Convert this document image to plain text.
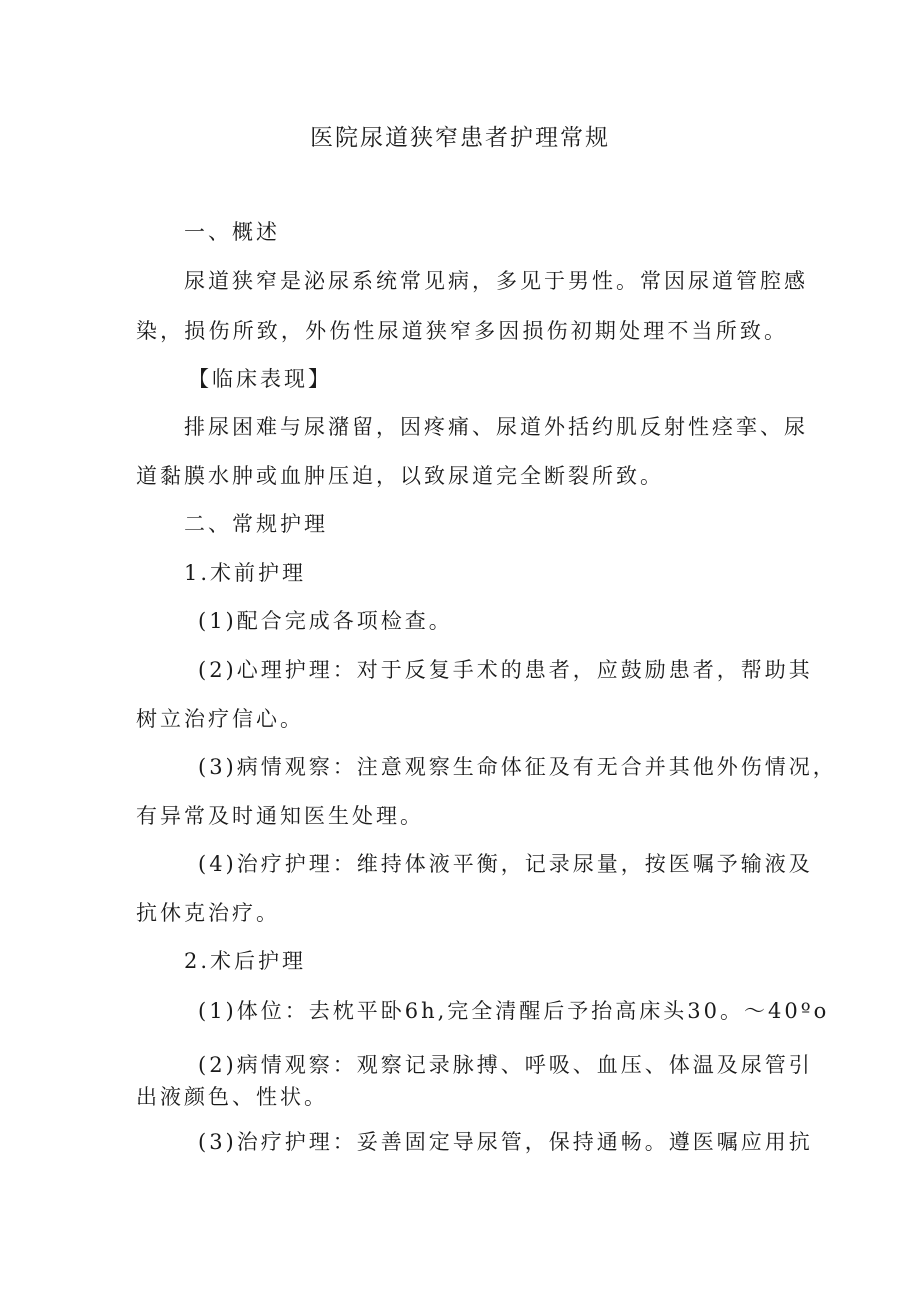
医院尿道狭窄患者护理常规
一、概述
尿道狭窄是泌尿系统常见病，多见于男性。常因尿道管腔感
染，损伤所致，外伤性尿道狭窄多因损伤初期处理不当所致。
【临床表现】
排尿困难与尿潴留，因疼痛、尿道外括约肌反射性痉挛、尿
道黏膜水肿或血肿压迫，以致尿道完全断裂所致。
二、常规护理
1.术前护理
(1)配合完成各项检查。
(2)心理护理：对于反复手术的患者，应鼓励患者，帮助其
树立治疗信心。
(3)病情观察：注意观察生命体征及有无合并其他外伤情况，
有异常及时通知医生处理。
(4)治疗护理：维持体液平衡，记录尿量，按医嘱予输液及
抗休克治疗。
2.术后护理
(1)体位：去枕平卧6h,完全清醒后予抬高床头30。～40ºo
(2)病情观察：观察记录脉搏、呼吸、血压、体温及尿管引
出液颜色、性状。
(3)治疗护理：妥善固定导尿管，保持通畅。遵医嘱应用抗
